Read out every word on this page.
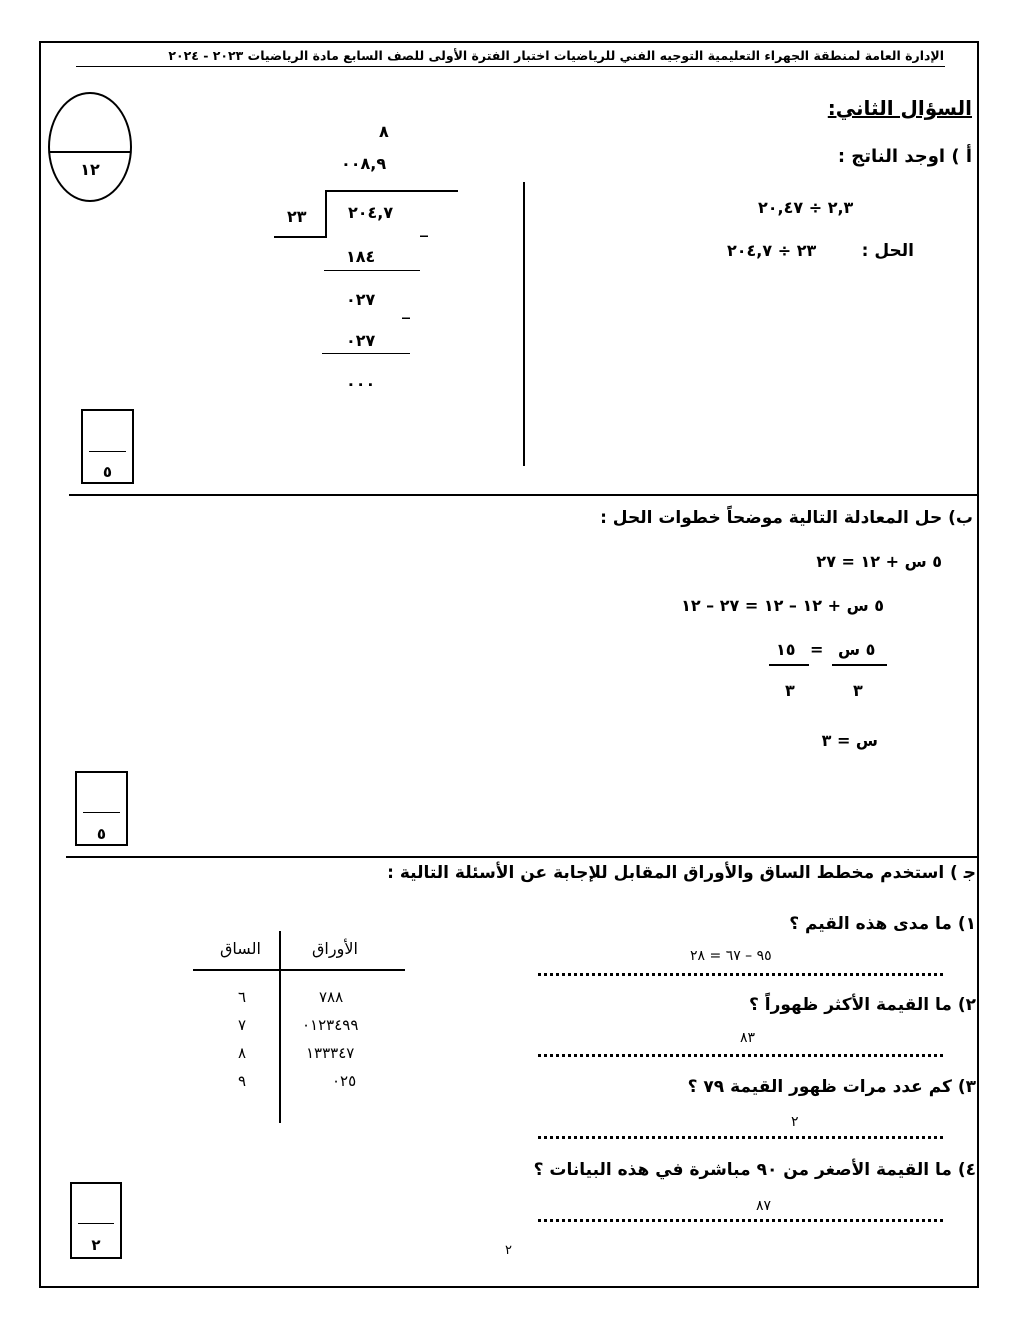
الإدارة العامة لمنطقة الجهراء التعليمية التوجيه الفني للرياضيات اختبار الفترة الأولى للصف السابع مادة الرياضيات ٢٠٢٣ - ٢٠٢٤
السؤال الثاني:
١٢
أ ) اوجد الناتج :
٢,٣ ÷ ٢٠,٤٧
الحل :
٢٣ ÷ ٢٠٤,٧
٨
٠٠٨,٩
٢٣	٢٠٤,٧
_
١٨٤
٠٢٧
_
٠٢٧
٠٠٠
٥
ب) حل المعادلة التالية موضحاً خطوات الحل :
٥ س + ١٢ = ٢٧
٥ س + ١٢ – ١٢ = ٢٧ – ١٢
١٥ = ٥ س
٣	٣
س = ٣
٥
ﺟ ) استخدم مخطط الساق والأوراق المقابل للإجابة عن الأسئلة التالية :
الساق	الأوراق
٦	٧٨٨
٧	٠١٢٣٤٩٩
٨	١٣٣٣٤٧
٩	٠٢٥
١) ما مدى هذه القيم ؟
٩٥ – ٦٧ = ٢٨
٢) ما القيمة الأكثر ظهوراً ؟
٨٣
٣) كم عدد مرات ظهور القيمة ٧٩ ؟
٢
٤) ما القيمة الأصغر من ٩٠ مباشرة في هذه البيانات ؟
٨٧
٢	٢
